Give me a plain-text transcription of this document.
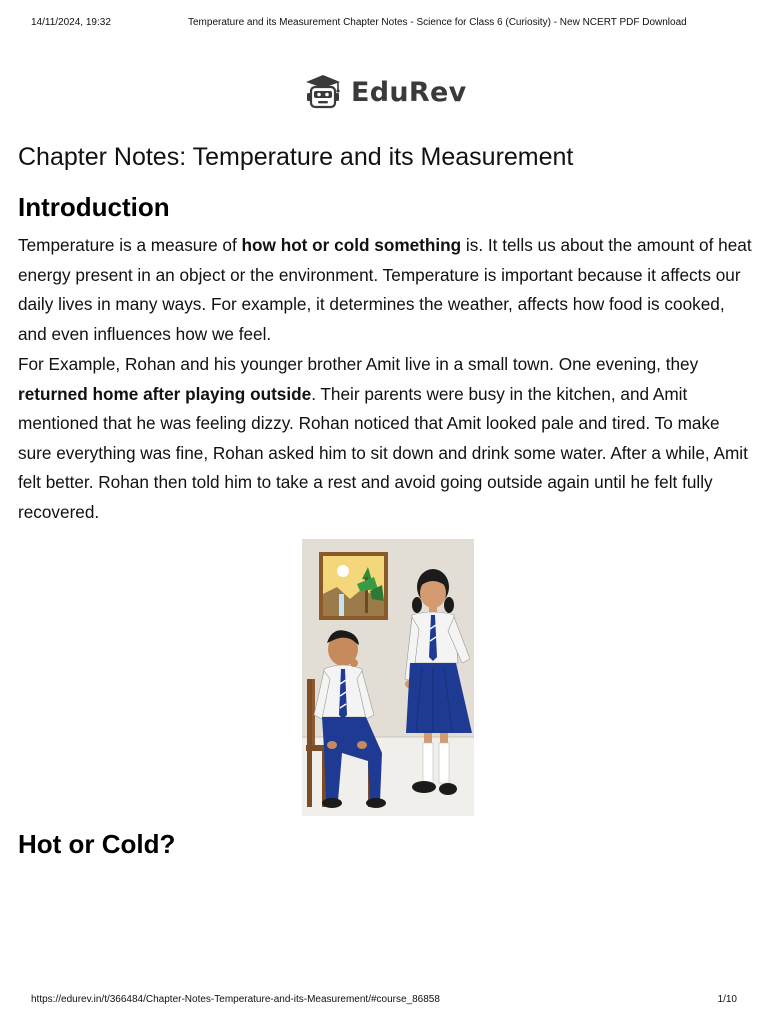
14/11/2024, 19:32	Temperature and its Measurement Chapter Notes - Science for Class 6 (Curiosity) - New NCERT PDF Download
EduRev
Chapter Notes: Temperature and its Measurement
Introduction

Temperature is a measure of how hot or cold something is. It tells us about the amount of heat energy present in an object or the environment. Temperature is important because it affects our daily lives in many ways. For example, it determines the weather, affects how food is cooked, and even influences how we feel.

For Example, Rohan and his younger brother Amit live in a small town. One evening, they returned home after playing outside. Their parents were busy in the kitchen, and Amit mentioned that he was feeling dizzy. Rohan noticed that Amit looked pale and tired. To make sure everything was fine, Rohan asked him to sit down and drink some water. After a while, Amit felt better. Rohan then told him to take a rest and avoid going outside again until he felt fully recovered.

Hot or Cold?
https://edurev.in/t/366484/Chapter-Notes-Temperature-and-its-Measurement/#course_86858	1/10
